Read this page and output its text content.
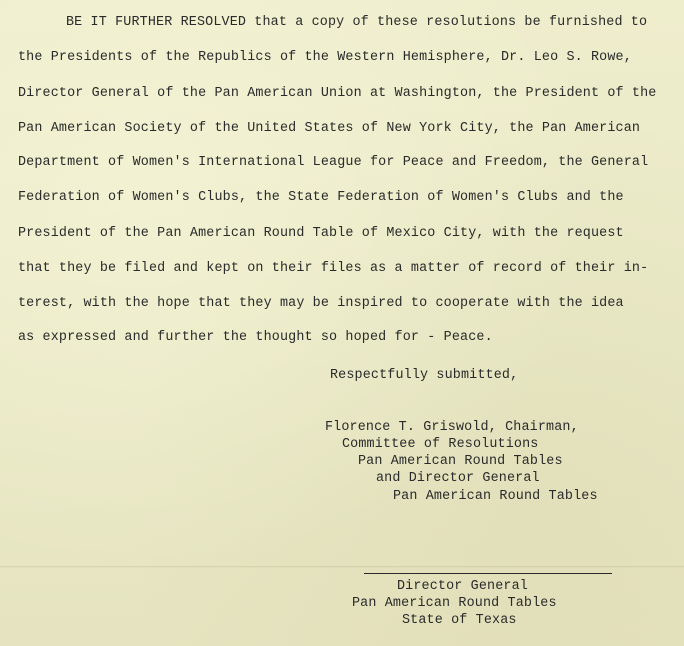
BE IT FURTHER RESOLVED that a copy of these resolutions be furnished to
the Presidents of the Republics of the Western Hemisphere, Dr. Leo S. Rowe,
Director General of the Pan American Union at Washington, the President of the
Pan American Society of the United States of New York City, the Pan American
Department of Women's International League for Peace and Freedom, the General
Federation of Women's Clubs, the State Federation of Women's Clubs and the
President of the Pan American Round Table of Mexico City, with the request
that they be filed and kept on their files as a matter of record of their in-
terest, with the hope that they may be inspired to cooperate with the idea
as expressed and further the thought so hoped for - Peace.
Respectfully submitted,
Florence T. Griswold, Chairman,
Committee of Resolutions
Pan American Round Tables
and Director General
Pan American Round Tables
Director General
Pan American Round Tables
State of Texas
